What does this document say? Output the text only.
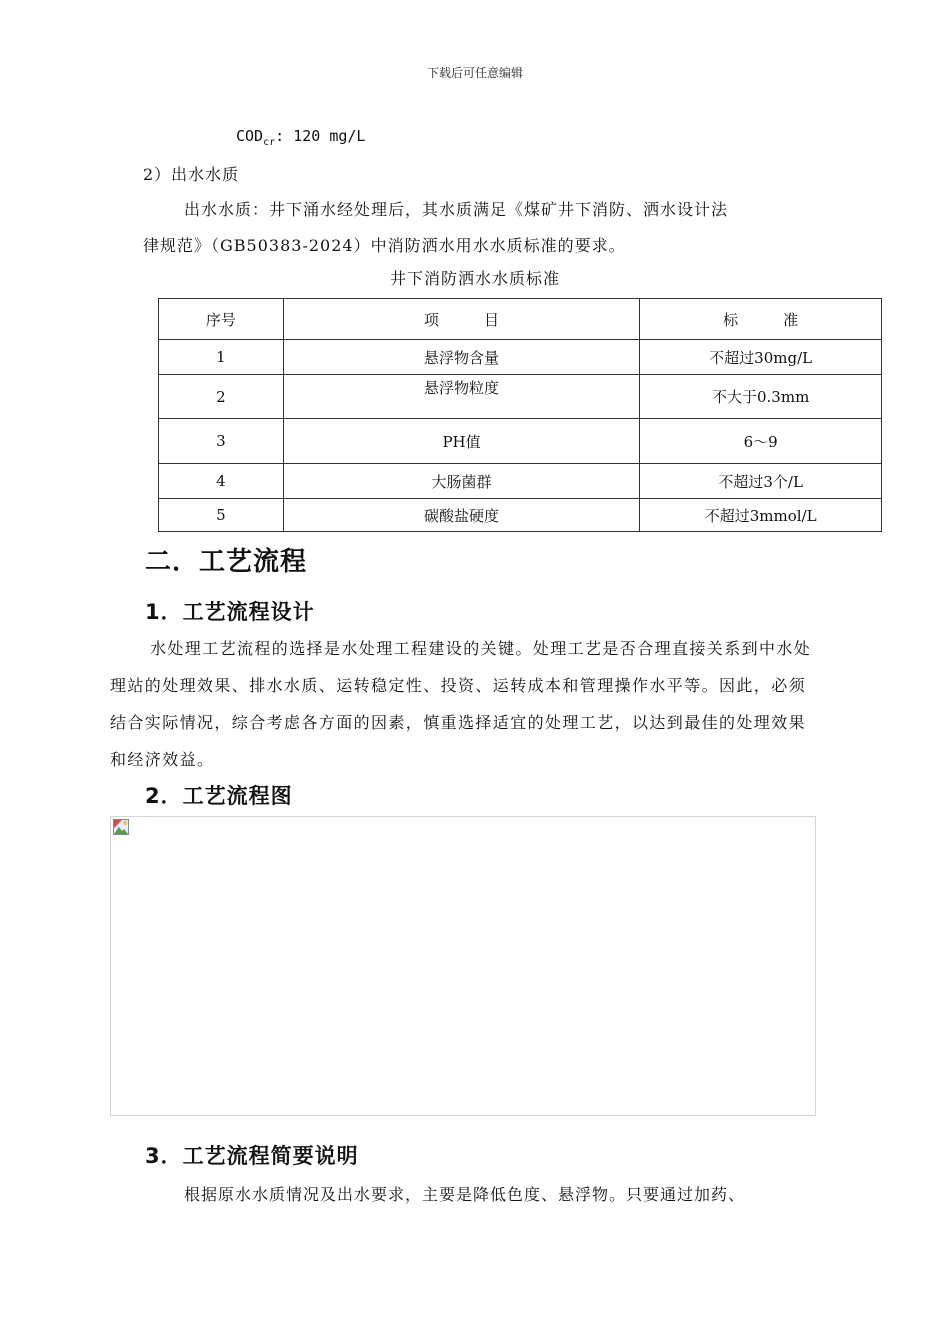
下载后可任意编辑
$COD_{cr}$: 120 mg/L
2）出水水质
出水水质：井下涌水经处理后，其水质满足《煤矿井下消防、洒水设计法
律规范》（GB50383-2024）中消防洒水用水水质标准的要求。
井下消防洒水水质标准
序号	项　　　目	标　　　准
1	悬浮物含量	不超过30mg/L
2	悬浮物粒度	不大于0.3mm
3	PH值	6～9
4	大肠菌群	不超过3个/L
5	碳酸盐硬度	不超过3mmol/L
二．工艺流程
1．工艺流程设计
水处理工艺流程的选择是水处理工程建设的关键。处理工艺是否合理直接关系到中水处
理站的处理效果、排水水质、运转稳定性、投资、运转成本和管理操作水平等。因此，必须
结合实际情况，综合考虑各方面的因素，慎重选择适宜的处理工艺，以达到最佳的处理效果
和经济效益。
2．工艺流程图
3．工艺流程简要说明
根据原水水质情况及出水要求，主要是降低色度、悬浮物。只要通过加药、
